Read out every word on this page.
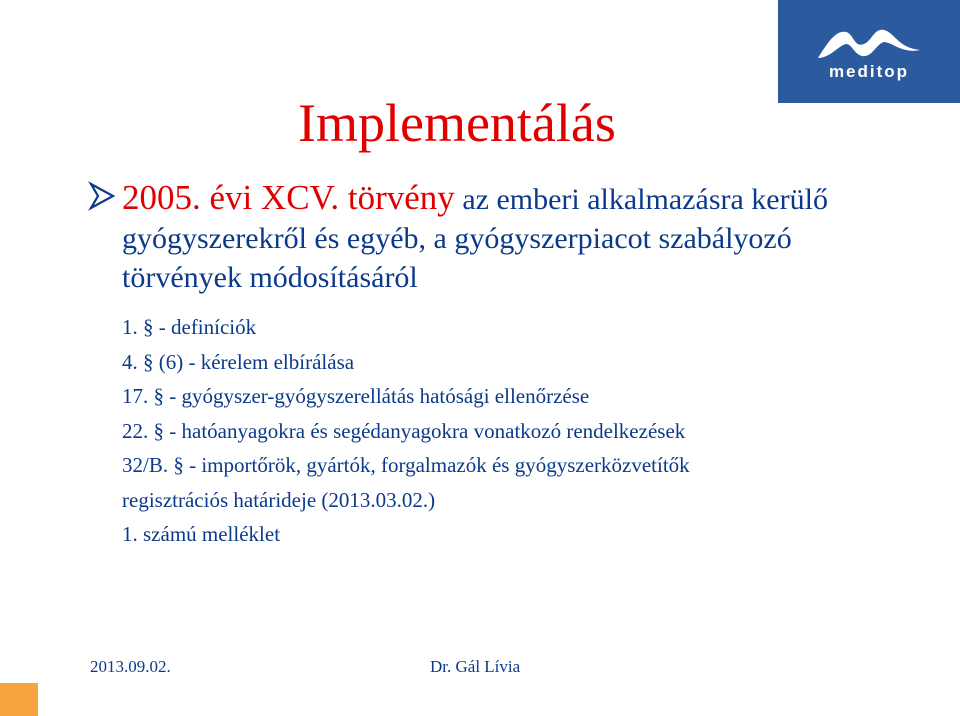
meditop
Implementálás
2005. évi XCV. törvény az emberi alkalmazásra kerülő gyógyszerekről és egyéb, a gyógyszerpiacot szabályozó törvények módosításáról
1. § - definíciók
4. § (6) - kérelem elbírálása
17. § - gyógyszer-gyógyszerellátás hatósági ellenőrzése
22. § - hatóanyagokra és segédanyagokra vonatkozó rendelkezések
32/B. § - importőrök, gyártók, forgalmazók és gyógyszerközvetítők
regisztrációs határideje (2013.03.02.)
1. számú melléklet
2013.09.02.	Dr. Gál Lívia
